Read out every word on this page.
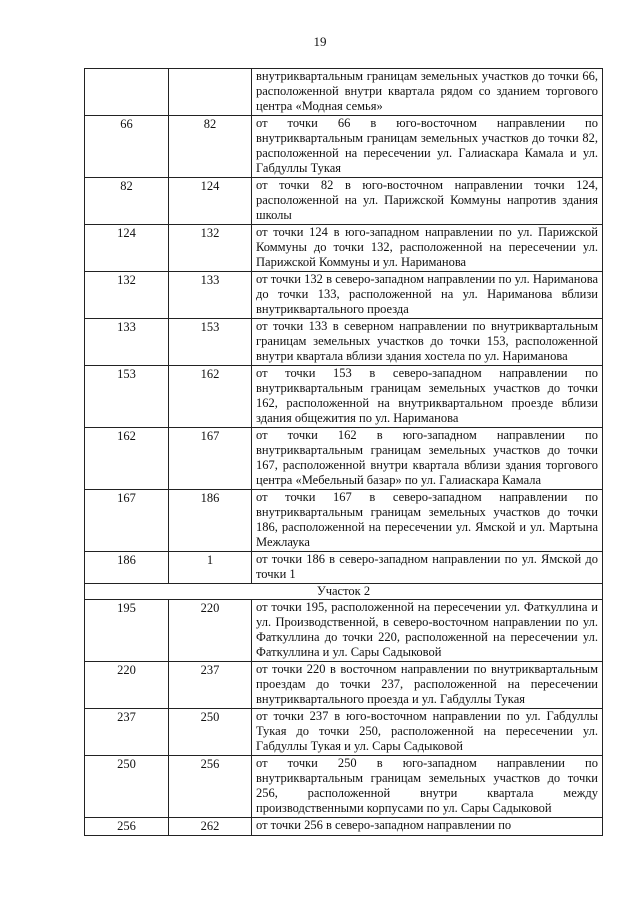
19
		внутриквартальным границам земельных участков до точки 66, расположенной внутри квартала рядом со зданием торгового центра «Модная семья»
66	82	от точки 66 в юго-восточном направлении по внутриквартальным границам земельных участков до точки 82, расположенной на пересечении ул. Галиаскара Камала и ул. Габдуллы Тукая
82	124	от точки 82 в юго-восточном направлении точки 124, расположенной на ул. Парижской Коммуны напротив здания школы
124	132	от точки 124 в юго-западном направлении по ул. Парижской Коммуны до точки 132, расположенной на пересечении ул. Парижской Коммуны и ул. Нариманова
132	133	от точки 132 в северо-западном направлении по ул. Нариманова до точки 133, расположенной на ул. Нариманова вблизи внутриквартального проезда
133	153	от точки 133 в северном направлении по внутриквартальным границам земельных участков до точки 153, расположенной внутри квартала вблизи здания хостела по ул. Нариманова
153	162	от точки 153 в северо-западном направлении по внутриквартальным границам земельных участков до точки 162, расположенной на внутриквартальном проезде вблизи здания общежития по ул. Нариманова
162	167	от точки 162 в юго-западном направлении по внутриквартальным границам земельных участков до точки 167, расположенной внутри квартала вблизи здания торгового центра «Мебельный базар» по ул. Галиаскара Камала
167	186	от точки 167 в северо-западном направлении по внутриквартальным границам земельных участков до точки 186, расположенной на пересечении ул. Ямской и ул. Мартына Межлаука
186	1	от точки 186 в северо-западном направлении по ул. Ямской до точки 1
Участок 2		
195	220	от точки 195, расположенной на пересечении ул. Фаткуллина и ул. Производственной, в северо-восточном направлении по ул. Фаткуллина до точки 220, расположенной на пересечении ул. Фаткуллина и ул. Сары Садыковой
220	237	от точки 220 в восточном направлении по внутриквартальным проездам до точки 237, расположенной на пересечении внутриквартального проезда и ул. Габдуллы Тукая
237	250	от точки 237 в юго-восточном направлении по ул. Габдуллы Тукая до точки 250, расположенной на пересечении ул. Габдуллы Тукая и ул. Сары Садыковой
250	256	от точки 250 в юго-западном направлении по внутриквартальным границам земельных участков до точки 256, расположенной внутри квартала между производственными корпусами по ул. Сары Садыковой
256	262	от точки 256 в северо-западном направлении по
